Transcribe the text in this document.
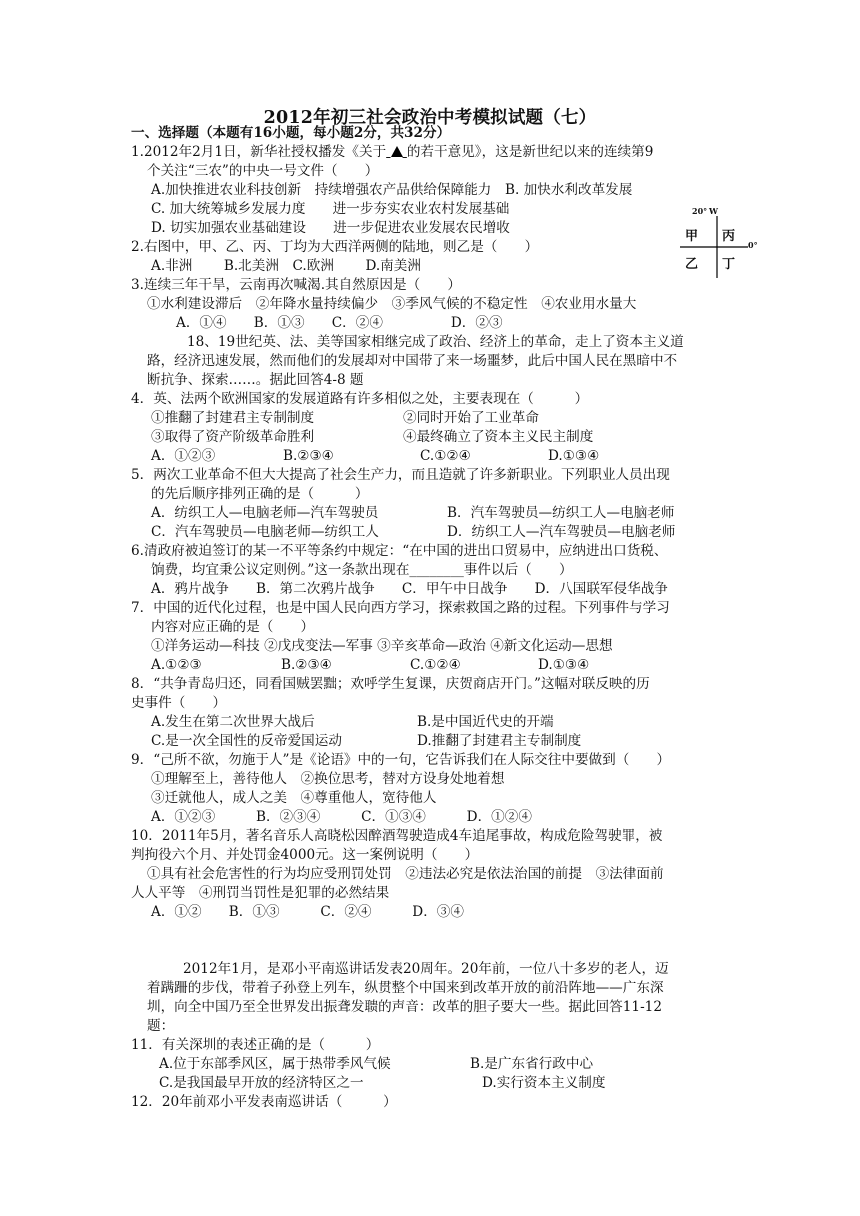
2012年初三社会政治中考模拟试题（七）
一、选择题（本题有16小题，每小题2分，共32分）
1.2012年2月1日，新华社授权播发《关于 的若干意见》，这是新世纪以来的连续第9
个关注“三农”的中央一号文件（　　）
A.加快推进农业科技创新　持续增强农产品供给保障能力　B. 加快水利改革发展
C. 加大统筹城乡发展力度　　进一步夯实农业农村发展基础
D. 切实加强农业基础建设　　进一步促进农业发展农民增收
20° W
0°
甲 丙
乙 丁
2.右图中，甲、乙、丙、丁均为大西洋两侧的陆地，则乙是（　　）
A.非洲　　 B.北美洲　C.欧洲　　 D.南美洲
3.连续三年干旱，云南再次喊渴.其自然原因是（　　）
①水利建设滞后　②年降水量持续偏少　③季风气候的不稳定性　④农业用水量大
A．①④　　B．①③　　C．②④　　　　　D．②③
18、19世纪英、法、美等国家相继完成了政治、经济上的革命，走上了资本主义道
路，经济迅速发展，然而他们的发展却对中国带了来一场噩梦，此后中国人民在黑暗中不
断抗争、探索……。据此回答4-8 题
4．英、法两个欧洲国家的发展道路有许多相似之处，主要表现在（　　　）
①推翻了封建君主专制制度	②同时开始了工业革命
③取得了资产阶级革命胜利	④最终确立了资本主义民主制度
A．①②③	B.②③④	C.①②④	D.①③④
5．两次工业革命不但大大提高了社会生产力，而且造就了许多新职业。下列职业人员出现
的先后顺序排列正确的是（　　　）
A．纺织工人—电脑老师—汽车驾驶员	B．汽车驾驶员—纺织工人—电脑老师
C．汽车驾驶员—电脑老师—纺织工人	D．纺织工人—汽车驾驶员—电脑老师
6.清政府被迫签订的某一不平等条约中规定：“在中国的进出口贸易中，应纳进出口货税、
饷费，均宜秉公议定则例。”这一条款出现在________事件以后（　　）
A．鸦片战争　　B．第二次鸦片战争　　C．甲午中日战争　　D．八国联军侵华战争
7．中国的近代化过程，也是中国人民向西方学习，探索救国之路的过程。下列事件与学习
内容对应正确的是（　　）
①洋务运动—科技 ②戊戌变法—军事 ③辛亥革命—政治 ④新文化运动—思想
A.①②③	B.②③④	C.①②④	D.①③④
8．“共争青岛归还，同看国贼罢黜；欢呼学生复课，庆贺商店开门。”这幅对联反映的历
史事件（　　）
A.发生在第二次世界大战后	B.是中国近代史的开端
C.是一次全国性的反帝爱国运动	D.推翻了封建君主专制制度
9．“己所不欲，勿施于人”是《论语》中的一句，它告诉我们在人际交往中要做到（　　）
①理解至上，善待他人　②换位思考，替对方设身处地着想
③迁就他人，成人之美　④尊重他人，宽待他人
A．①②③　　　B．②③④　　　C．①③④　　　D．①②④
10．2011年5月，著名音乐人高晓松因醉酒驾驶造成4车追尾事故，构成危险驾驶罪，被
判拘役六个月、并处罚金4000元。这一案例说明（　　）
①具有社会危害性的行为均应受刑罚处罚　②违法必究是依法治国的前提　③法律面前
人人平等　④刑罚当罚性是犯罪的必然结果
A．①②　　B．①③　　　C．②④　　　D．③④
2012年1月，是邓小平南巡讲话发表20周年。20年前，一位八十多岁的老人，迈
着蹒跚的步伐，带着子孙登上列车，纵贯整个中国来到改革开放的前沿阵地——广东深
圳，向全中国乃至全世界发出振聋发聩的声音：改革的胆子要大一些。据此回答11-12
题：
11．有关深圳的表述正确的是（　　　）
A.位于东部季风区，属于热带季风气候	B.是广东省行政中心
C.是我国最早开放的经济特区之一	D.实行资本主义制度
12．20年前邓小平发表南巡讲话（　　　）
